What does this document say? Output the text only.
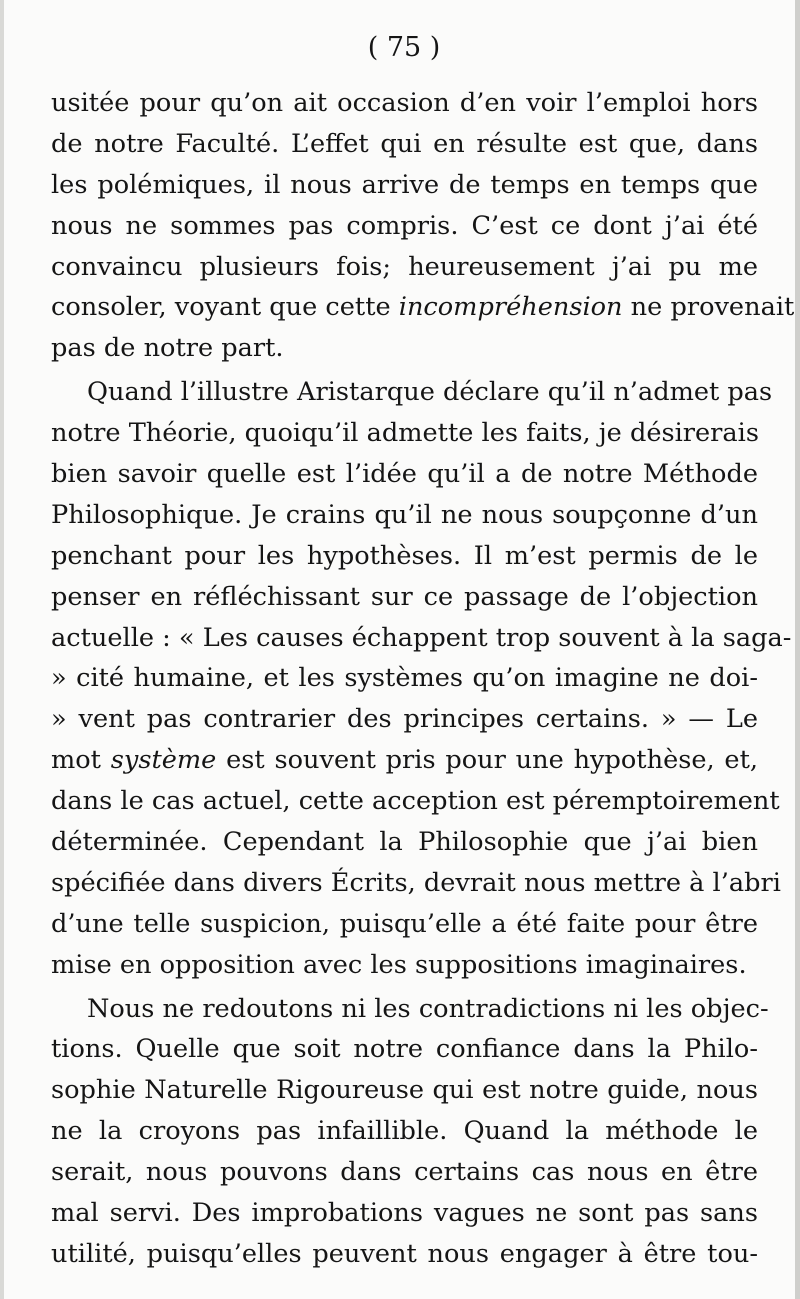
( 75 )
usitée pour qu’on ait occasion d’en voir l’emploi hors
de notre Faculté. L’effet qui en résulte est que, dans
les polémiques, il nous arrive de temps en temps que
nous ne sommes pas compris. C’est ce dont j’ai été
convaincu plusieurs fois; heureusement j’ai pu me
consoler, voyant que cette incompréhension ne provenait
pas de notre part.
Quand l’illustre Aristarque déclare qu’il n’admet pas
notre Théorie, quoiqu’il admette les faits, je désirerais
bien savoir quelle est l’idée qu’il a de notre Méthode
Philosophique. Je crains qu’il ne nous soupçonne d’un
penchant pour les hypothèses. Il m’est permis de le
penser en réfléchissant sur ce passage de l’objection
actuelle : « Les causes échappent trop souvent à la saga-
» cité humaine, et les systèmes qu’on imagine ne doi-
» vent pas contrarier des principes certains. » — Le
mot système est souvent pris pour une hypothèse, et,
dans le cas actuel, cette acception est péremptoirement
déterminée. Cependant la Philosophie que j’ai bien
spécifiée dans divers Écrits, devrait nous mettre à l’abri
d’une telle suspicion, puisqu’elle a été faite pour être
mise en opposition avec les suppositions imaginaires.
Nous ne redoutons ni les contradictions ni les objec-
tions. Quelle que soit notre confiance dans la Philo-
sophie Naturelle Rigoureuse qui est notre guide, nous
ne la croyons pas infaillible. Quand la méthode le
serait, nous pouvons dans certains cas nous en être
mal servi. Des improbations vagues ne sont pas sans
utilité, puisqu’elles peuvent nous engager à être tou-
